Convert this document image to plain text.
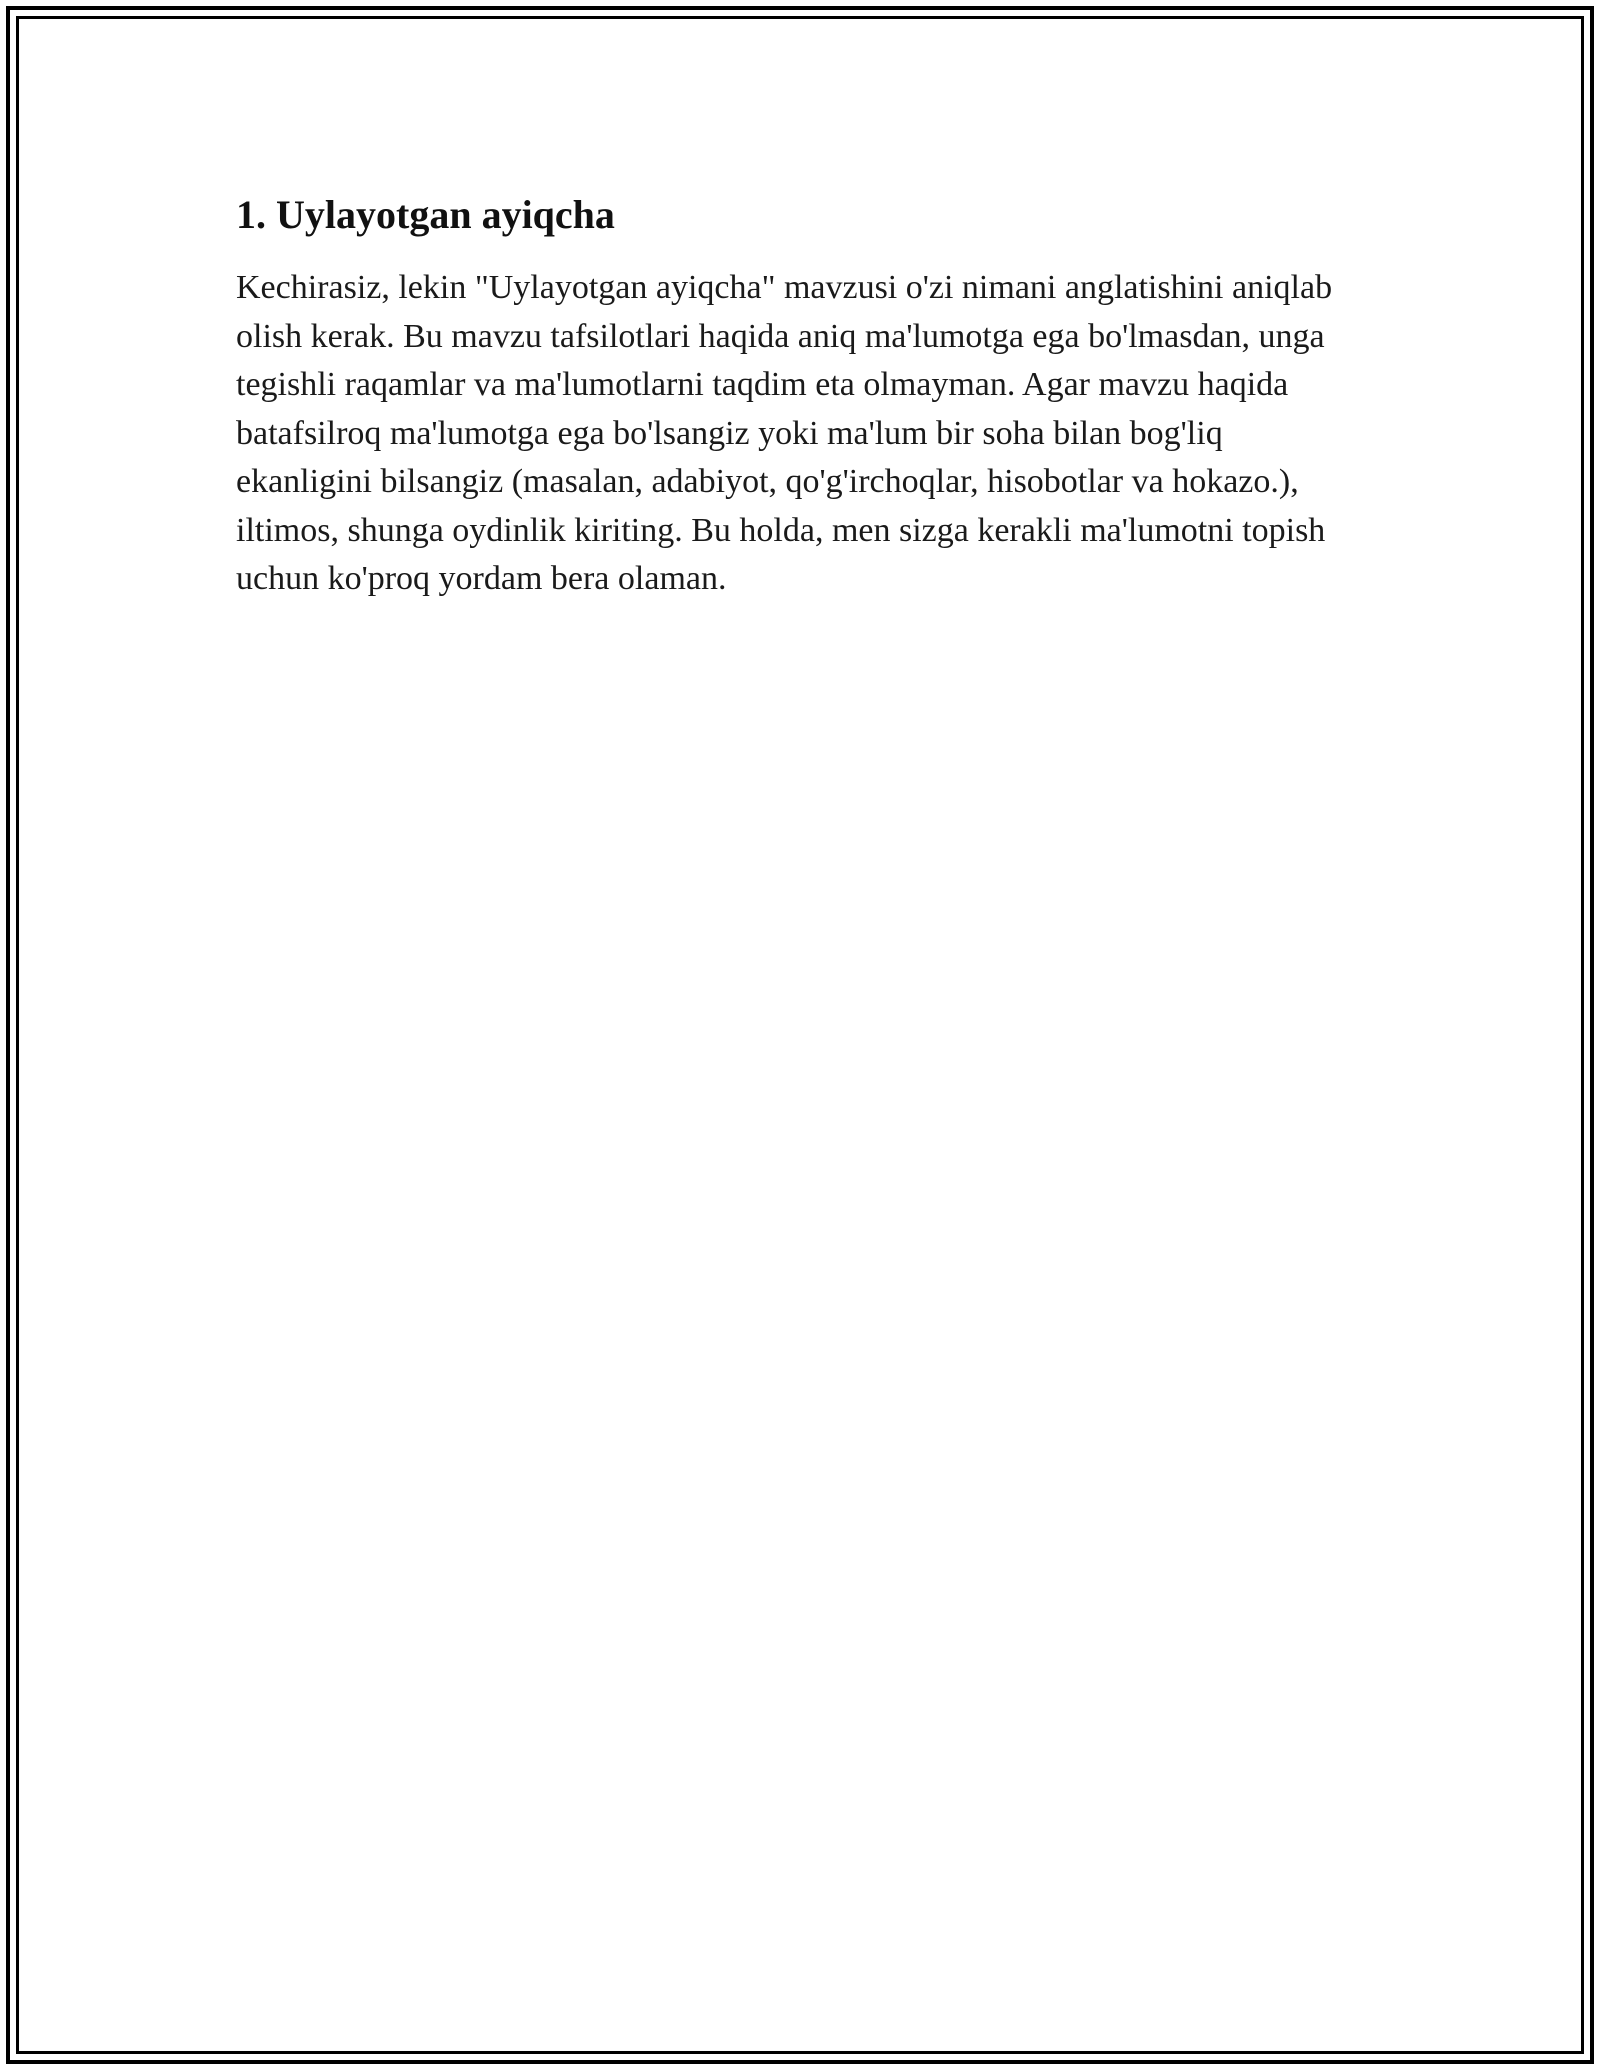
1. Uylayotgan ayiqcha

Kechirasiz, lekin "Uylayotgan ayiqcha" mavzusi o'zi nimani anglatishini aniqlab olish kerak. Bu mavzu tafsilotlari haqida aniq ma'lumotga ega bo'lmasdan, unga tegishli raqamlar va ma'lumotlarni taqdim eta olmayman. Agar mavzu haqida batafsilroq ma'lumotga ega bo'lsangiz yoki ma'lum bir soha bilan bog'liq ekanligini bilsangiz (masalan, adabiyot, qo'g'irchoqlar, hisobotlar va hokazo.), iltimos, shunga oydinlik kiriting. Bu holda, men sizga kerakli ma'lumotni topish uchun ko'proq yordam bera olaman.
